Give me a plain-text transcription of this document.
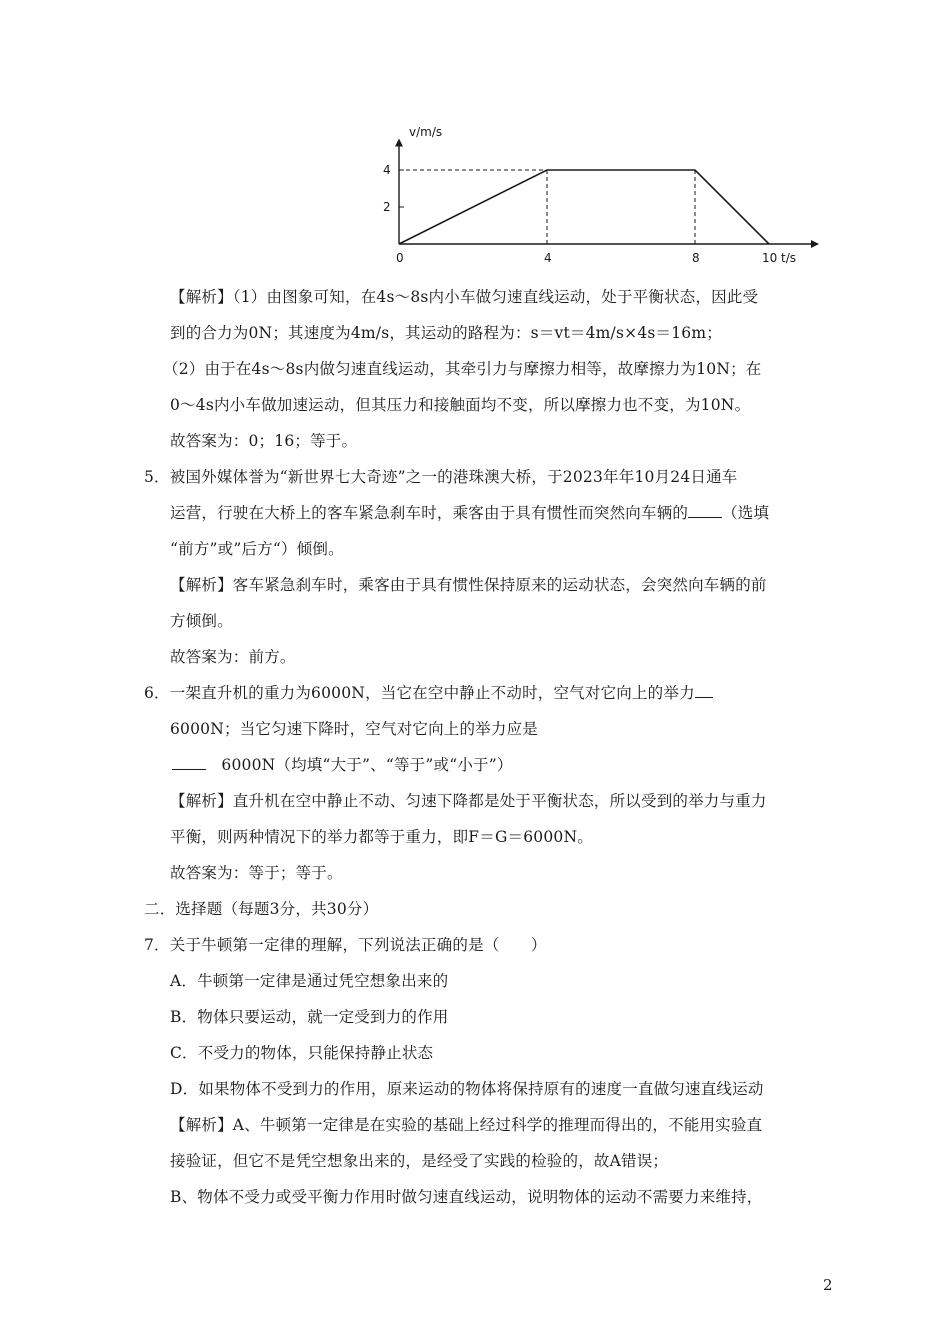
2
4
0	4	8	10
v/m/s
t/s
【解析】（1）由图象可知，在4s～8s内小车做匀速直线运动，处于平衡状态，因此受
到的合力为0N；其速度为4m/s，其运动的路程为：s＝vt＝4m/s×4s＝16m；
（2）由于在4s～8s内做匀速直线运动，其牵引力与摩擦力相等，故摩擦力为10N；在
0～4s内小车做加速运动，但其压力和接触面均不变，所以摩擦力也不变，为10N。
故答案为：0；16；等于。
5．被国外媒体誉为“新世界七大奇迹”之一的港珠澳大桥，于2023年年10月24日通车
运营，行驶在大桥上的客车紧急刹车时，乘客由于具有惯性而突然向车辆的 （选填
“前方”或”后方“）倾倒。
【解析】客车紧急刹车时，乘客由于具有惯性保持原来的运动状态，会突然向车辆的前
方倾倒。
故答案为：前方。
6．一架直升机的重力为6000N，当它在空中静止不动时，空气对它向上的举力
6000N；当它匀速下降时，空气对它向上的举力应是
6000N（均填“大于”、“等于”或“小于”）
【解析】直升机在空中静止不动、匀速下降都是处于平衡状态，所以受到的举力与重力
平衡，则两种情况下的举力都等于重力，即F＝G＝6000N。
故答案为：等于；等于。
二．选择题（每题3分，共30分）
7．关于牛顿第一定律的理解，下列说法正确的是（　　）
A．牛顿第一定律是通过凭空想象出来的
B．物体只要运动，就一定受到力的作用
C．不受力的物体，只能保持静止状态
D．如果物体不受到力的作用，原来运动的物体将保持原有的速度一直做匀速直线运动
【解析】A、牛顿第一定律是在实验的基础上经过科学的推理而得出的，不能用实验直
接验证，但它不是凭空想象出来的，是经受了实践的检验的，故A错误；
B、物体不受力或受平衡力作用时做匀速直线运动，说明物体的运动不需要力来维持，
2
